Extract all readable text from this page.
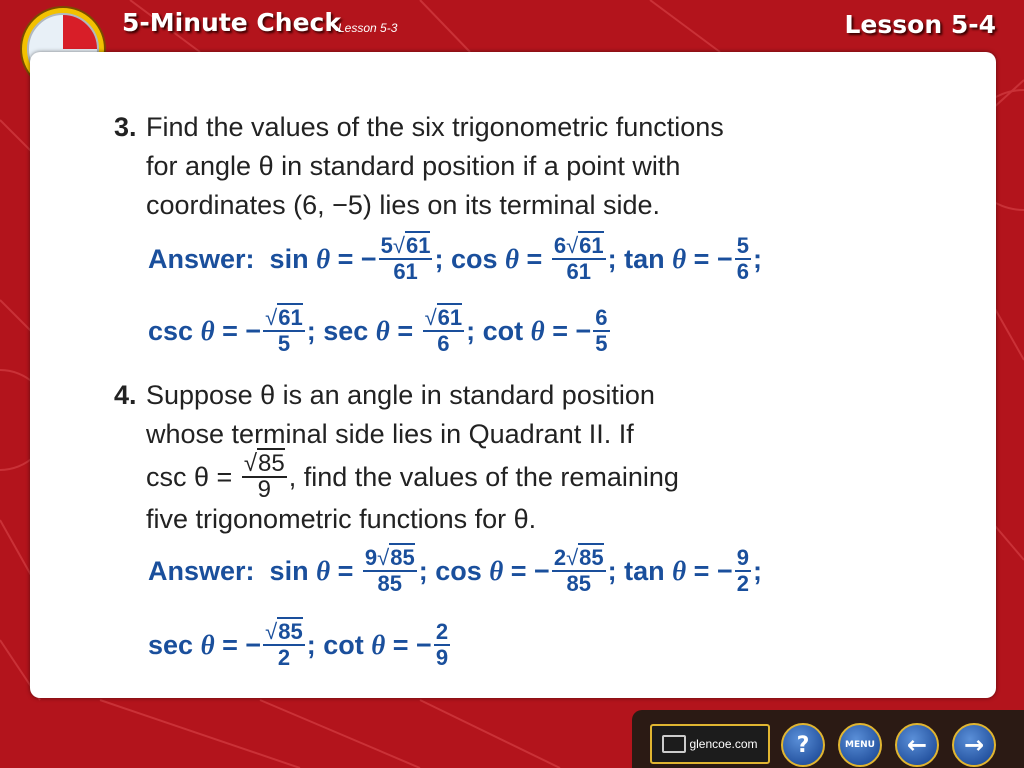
5-Minute Check
Lesson 5-3	Lesson 5-4
3. Find the values of the six trigonometric functions
for angle θ in standard position if a point with
coordinates (6, −5) lies on its terminal side.
Answer:
sin
θ = − $\frac{5√61}{61}$ ; cos
$\theta = \frac{6√61}{61}$ ; tan
θ = − $\frac{5}{6}$ ;
csc
θ = − $\frac{√61}{5}$ ; sec
$\theta = \frac{√61}{6}$ ; cot
θ = − $\frac{6}{5}$
4. Suppose θ is an angle in standard position
whose terminal side lies in Quadrant II. If
csc θ =
$\frac{√85}{9}$ , find the values of the remaining
five trigonometric functions for θ.
Answer:
sin
$\theta = \frac{9√85}{85}$ ; cos
θ = − $\frac{2√85}{85}$ ; tan
θ = − $\frac{9}{2}$ ;
sec
θ = − $\frac{√85}{2}$ ; cot
θ = − $\frac{2}{9}$
glencoe.com ?	MENU ← →
